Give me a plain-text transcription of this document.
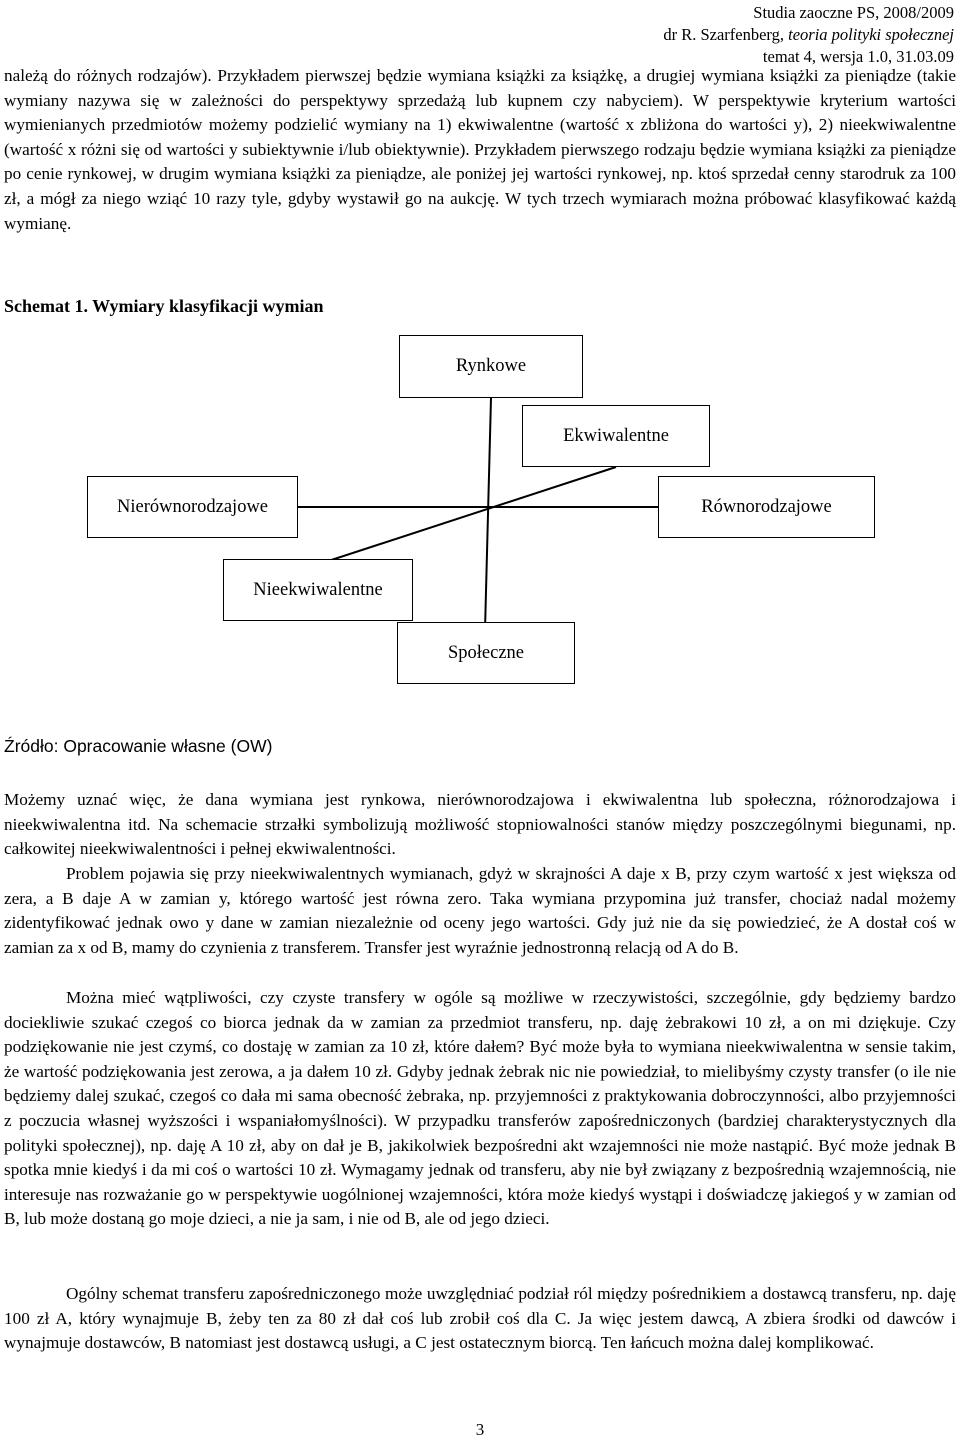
Studia zaoczne PS, 2008/2009
dr R. Szarfenberg, teoria polityki społecznej
temat 4, wersja 1.0, 31.03.09

należą do różnych rodzajów). Przykładem pierwszej będzie wymiana książki za książkę, a drugiej wymiana książki za pieniądze (takie wymiany nazywa się w zależności do perspektywy sprzedażą lub kupnem czy nabyciem). W perspektywie kryterium wartości wymienianych przedmiotów możemy podzielić wymiany na 1) ekwiwalentne (wartość x zbliżona do wartości y), 2) nieekwiwalentne (wartość x różni się od wartości y subiektywnie i/lub obiektywnie). Przykładem pierwszego rodzaju będzie wymiana książki za pieniądze po cenie rynkowej, w drugim wymiana książki za pieniądze, ale poniżej jej wartości rynkowej, np. ktoś sprzedał cenny starodruk za 100 zł, a mógł za niego wziąć 10 razy tyle, gdyby wystawił go na aukcję. W tych trzech wymiarach można próbować klasyfikować każdą wymianę.

Schemat 1. Wymiary klasyfikacji wymian
Rynkowe
Ekwiwalentne
Nierównorodzajowe	Równorodzajowe
Nieekwiwalentne
Społeczne
Źródło: Opracowanie własne (OW)

Możemy uznać więc, że dana wymiana jest rynkowa, nierównorodzajowa i ekwiwalentna lub społeczna, różnorodzajowa i nieekwiwalentna itd. Na schemacie strzałki symbolizują możliwość stopniowalności stanów między poszczególnymi biegunami, np. całkowitej nieekwiwalentności i pełnej ekwiwalentności.

Problem pojawia się przy nieekwiwalentnych wymianach, gdyż w skrajności A daje x B, przy czym wartość x jest większa od zera, a B daje A w zamian y, którego wartość jest równa zero. Taka wymiana przypomina już transfer, chociaż nadal możemy zidentyfikować jednak owo y dane w zamian niezależnie od oceny jego wartości. Gdy już nie da się powiedzieć, że A dostał coś w zamian za x od B, mamy do czynienia z transferem. Transfer jest wyraźnie jednostronną relacją od A do B.

Można mieć wątpliwości, czy czyste transfery w ogóle są możliwe w rzeczywistości, szczególnie, gdy będziemy bardzo dociekliwie szukać czegoś co biorca jednak da w zamian za przedmiot transferu, np. daję żebrakowi 10 zł, a on mi dziękuje. Czy podziękowanie nie jest czymś, co dostaję w zamian za 10 zł, które dałem? Być może była to wymiana nieekwiwalentna w sensie takim, że wartość podziękowania jest zerowa, a ja dałem 10 zł. Gdyby jednak żebrak nic nie powiedział, to mielibyśmy czysty transfer (o ile nie będziemy dalej szukać, czegoś co dała mi sama obecność żebraka, np. przyjemności z praktykowania dobroczynności, albo przyjemności z poczucia własnej wyższości i wspaniałomyślności). W przypadku transferów zapośredniczonych (bardziej charakterystycznych dla polityki społecznej), np. daję A 10 zł, aby on dał je B, jakikolwiek bezpośredni akt wzajemności nie może nastąpić. Być może jednak B spotka mnie kiedyś i da mi coś o wartości 10 zł. Wymagamy jednak od transferu, aby nie był związany z bezpośrednią wzajemnością, nie interesuje nas rozważanie go w perspektywie uogólnionej wzajemności, która może kiedyś wystąpi i doświadczę jakiegoś y w zamian od B, lub może dostaną go moje dzieci, a nie ja sam, i nie od B, ale od jego dzieci.

Ogólny schemat transferu zapośredniczonego może uwzględniać podział ról między pośrednikiem a dostawcą transferu, np. daję 100 zł A, który wynajmuje B, żeby ten za 80 zł dał coś lub zrobił coś dla C. Ja więc jestem dawcą, A zbiera środki od dawców i wynajmuje dostawców, B natomiast jest dostawcą usługi, a C jest ostatecznym biorcą. Ten łańcuch można dalej komplikować.

3
